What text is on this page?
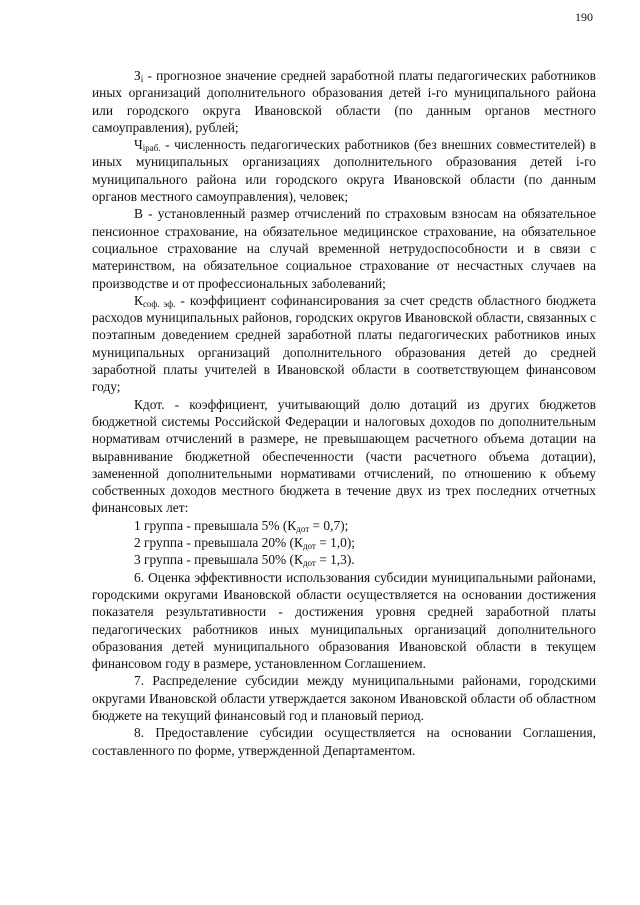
190

$З_i$ - прогнозное значение средней заработной платы педагогических работников иных организаций дополнительного образования детей i-го муниципального района или городского округа Ивановской области (по данным органов местного самоуправления), рублей;

$Ч_{iраб.}$ - численность педагогических работников (без внешних совместителей) в иных муниципальных организациях дополнительного образования детей i-го муниципального района или городского округа Ивановской области (по данным органов местного самоуправления), человек;

В - установленный размер отчислений по страховым взносам на обязательное пенсионное страхование, на обязательное медицинское страхование, на обязательное социальное страхование на случай временной нетрудоспособности и в связи с материнством, на обязательное социальное страхование от несчастных случаев на производстве и от профессиональных заболеваний;

$К_{соф. эф.}$ - коэффициент софинансирования за счет средств областного бюджета расходов муниципальных районов, городских округов Ивановской области, связанных с поэтапным доведением средней заработной платы педагогических работников иных муниципальных организаций дополнительного образования детей до средней заработной платы учителей в Ивановской области в соответствующем финансовом году;

Кдот. - коэффициент, учитывающий долю дотаций из других бюджетов бюджетной системы Российской Федерации и налоговых доходов по дополнительным нормативам отчислений в размере, не превышающем расчетного объема дотации на выравнивание бюджетной обеспеченности (части расчетного объема дотации), замененной дополнительными нормативами отчислений, по отношению к объему собственных доходов местного бюджета в течение двух из трех последних отчетных финансовых лет:

1 группа - превышала 5% $(К_{дот} = 0,7)$;

2 группа - превышала 20% $(К_{дот} = 1,0)$;

3 группа - превышала 50% $(К_{дот} = 1,3)$.

6. Оценка эффективности использования субсидии муниципальными районами, городскими округами Ивановской области осуществляется на основании достижения показателя результативности - достижения уровня средней заработной платы педагогических работников иных муниципальных организаций дополнительного образования детей муниципального образования Ивановской области в текущем финансовом году в размере, установленном Соглашением.

7. Распределение субсидии между муниципальными районами, городскими округами Ивановской области утверждается законом Ивановской области об областном бюджете на текущий финансовый год и плановый период.

8. Предоставление субсидии осуществляется на основании Соглашения, составленного по форме, утвержденной Департаментом.
